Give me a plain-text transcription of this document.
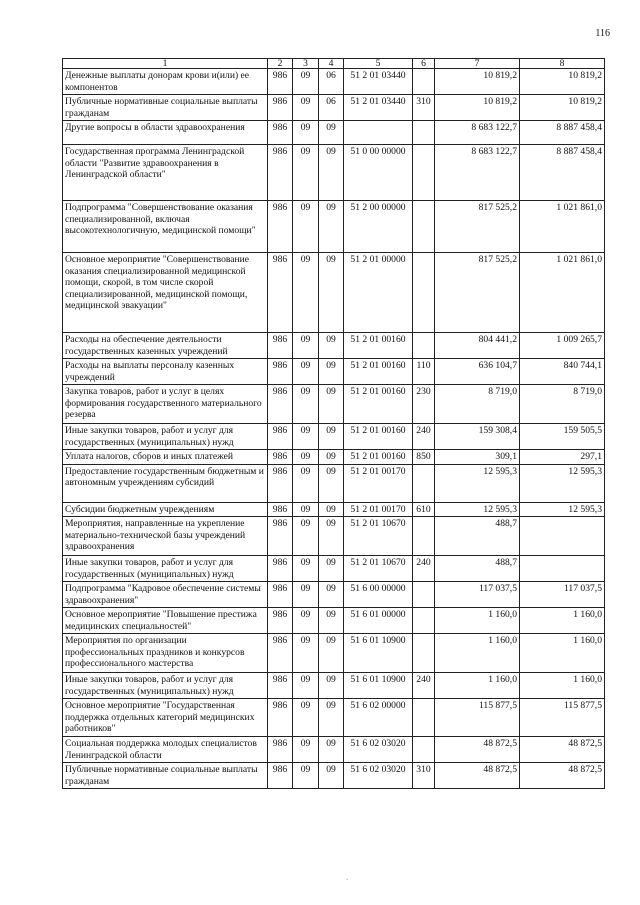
116
1	2	3	4	5	6	7	8
Денежные выплаты донорам крови и(или) ее компонентов	986	09	06	51 2 01 03440		10 819,2	10 819,2
Публичные нормативные социальные выплаты гражданам	986	09	06	51 2 01 03440	310	10 819,2	10 819,2
Другие вопросы в области здравоохранения	986	09	09			8 683 122,7	8 887 458,4
Государственная программа Ленинградской области "Развитие здравоохранения в Ленинградской области"	986	09	09	51 0 00 00000		8 683 122,7	8 887 458,4
Подпрограмма "Совершенствование оказания специализированной, включая высокотехнологичную, медицинской помощи"	986	09	09	51 2 00 00000		817 525,2	1 021 861,0
Основное мероприятие "Совершенствование оказания специализированной медицинской помощи, скорой, в том числе скорой специализированной, медицинской помощи, медицинской эвакуации"	986	09	09	51 2 01 00000		817 525,2	1 021 861,0
Расходы на обеспечение деятельности государственных казенных учреждений	986	09	09	51 2 01 00160		804 441,2	1 009 265,7
Расходы на выплаты персоналу казенных учреждений	986	09	09	51 2 01 00160	110	636 104,7	840 744,1
Закупка товаров, работ и услуг в целях формирования государственного материального резерва	986	09	09	51 2 01 00160	230	8 719,0	8 719,0
Иные закупки товаров, работ и услуг для государственных (муниципальных) нужд	986	09	09	51 2 01 00160	240	159 308,4	159 505,5
Уплата налогов, сборов и иных платежей	986	09	09	51 2 01 00160	850	309,1	297,1
Предоставление государственным бюджетным и автономным учреждениям субсидий	986	09	09	51 2 01 00170		12 595,3	12 595,3
Субсидии бюджетным учреждениям	986	09	09	51 2 01 00170	610	12 595,3	12 595,3
Мероприятия, направленные на укрепление материально-технической базы учреждений здравоохранения	986	09	09	51 2 01 10670		488,7	
Иные закупки товаров, работ и услуг для государственных (муниципальных) нужд	986	09	09	51 2 01 10670	240	488,7	
Подпрограмма "Кадровое обеспечение системы здравоохранения"	986	09	09	51 6 00 00000		117 037,5	117 037,5
Основное мероприятие "Повышение престижа медицинских специальностей"	986	09	09	51 6 01 00000		1 160,0	1 160,0
Мероприятия по организации профессиональных праздников и конкурсов профессионального мастерства	986	09	09	51 6 01 10900		1 160,0	1 160,0
Иные закупки товаров, работ и услуг для государственных (муниципальных) нужд	986	09	09	51 6 01 10900	240	1 160,0	1 160,0
Основное мероприятие "Государственная поддержка отдельных категорий медицинских работников"	986	09	09	51 6 02 00000		115 877,5	115 877,5
Социальная поддержка молодых специалистов Ленинградской области	986	09	09	51 6 02 03020		48 872,5	48 872,5
Публичные нормативные социальные выплаты гражданам	986	09	09	51 6 02 03020	310	48 872,5	48 872,5
·
